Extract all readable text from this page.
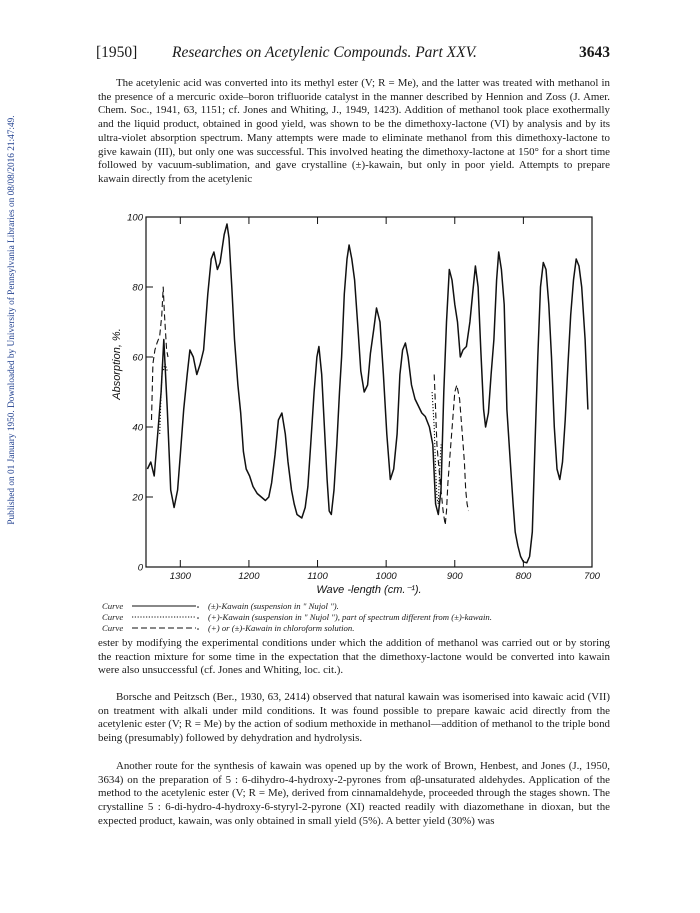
Published on 01 January 1950. Downloaded by University of Pennsylvania Libraries on 08/08/2016 21:47:49.
[1950] Researches on Acetylenic Compounds. Part XXV.	3643

The acetylenic acid was converted into its methyl ester (V; R = Me), and the latter was treated with methanol in the presence of a mercuric oxide–boron trifluoride catalyst in the manner described by Hennion and Zoss (J. Amer. Chem. Soc., 1941, 63, 1151; cf. Jones and Whiting, J., 1949, 1423). Addition of methanol took place exothermally and the liquid product, obtained in good yield, was shown to be the dimethoxy-lactone (VI) by analysis and by its ultra-violet absorption spectrum. Many attempts were made to eliminate methanol from this dimethoxy-lactone to give kawain (III), but only one was successful. This involved heating the dimethoxy-lactone at 150° for a short time followed by vacuum-sublimation, and gave crystalline (±)-kawain, but only in poor yield. Attempts to prepare kawain directly from the acetylenic

0
20
40
60
80
100
1300	1200	1100	1000	900	800	700
Wave -length (cm.⁻¹).
Absorption, %.
Curve	(±)-Kawain (suspension in " Nujol ").
Curve	(+)-Kawain (suspension in " Nujol "), part of spectrum different from (±)-kawain.
Curve	(+) or (±)-Kawain in chloroform solution.

ester by modifying the experimental conditions under which the addition of methanol was carried out or by storing the reaction mixture for some time in the expectation that the dimethoxy-lactone would be converted into kawain were also unsuccessful (cf. Jones and Whiting, loc. cit.).

Borsche and Peitzsch (Ber., 1930, 63, 2414) observed that natural kawain was isomerised into kawaic acid (VII) on treatment with alkali under mild conditions. It was found possible to prepare kawaic acid directly from the acetylenic ester (V; R = Me) by the action of sodium methoxide in methanol—addition of methanol to the triple bond being (presumably) followed by dehydration and hydrolysis.

Another route for the synthesis of kawain was opened up by the work of Brown, Henbest, and Jones (J., 1950, 3634) on the preparation of 5 : 6-dihydro-4-hydroxy-2-pyrones from αβ-unsaturated aldehydes. Application of the method to the acetylenic ester (V; R = Me), derived from cinnamaldehyde, proceeded through the stages shown. The crystalline 5 : 6-di-hydro-4-hydroxy-6-styryl-2-pyrone (XI) reacted readily with diazomethane in dioxan, but the expected product, kawain, was only obtained in small yield (5%). A better yield (30%) was
